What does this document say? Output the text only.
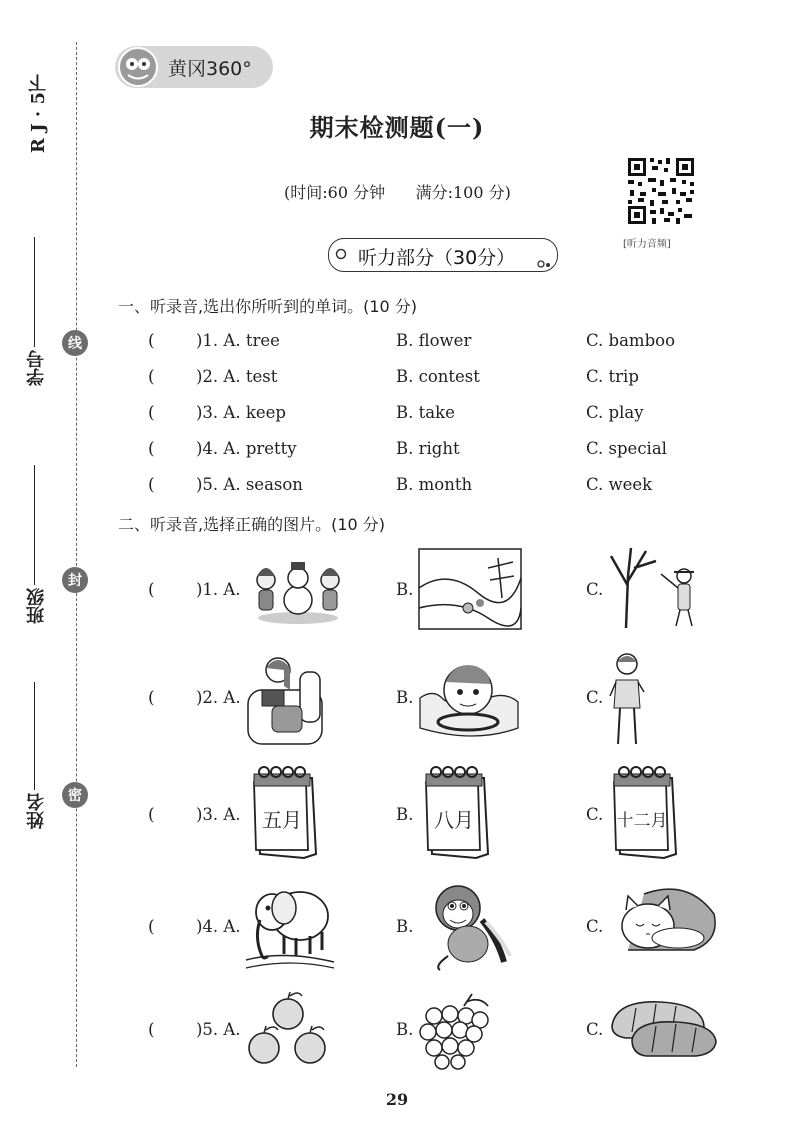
R J · 5下
学号
班级
姓名
线
封
密
黄冈360°
期末检测题(一)
(时间:60 分钟      满分:100 分)
[听力音频]
听力部分（30分）
一、听录音,选出你所听到的单词。(10 分)
(	)1. A. tree	B. flower	C. bamboo
(	)2. A. test	B. contest	C. trip
(	)3. A. keep	B. take	C. play
(	)4. A. pretty	B. right	C. special
(	)5. A. season	B. month	C. week
二、听录音,选择正确的图片。(10 分)
(	)1. A.	B.	C.
(	)2. A.	B.	C.
(	)3. A.	B.	C.
五月	八月	十二月
(	)4. A.	B.	C.
(	)5. A.	B.	C.
29
